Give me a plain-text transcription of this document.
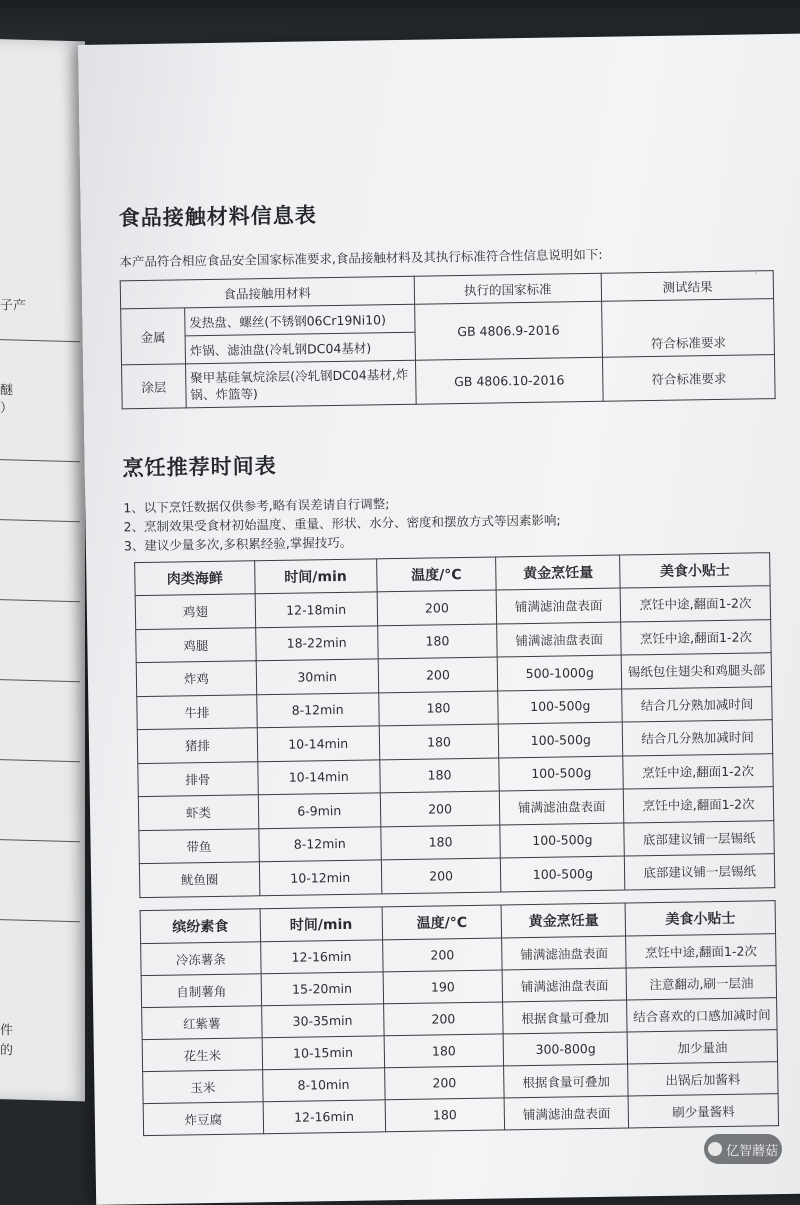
子产
醚
）
件
的
·
食品接触材料信息表

本产品符合相应食品安全国家标准要求,食品接触材料及其执行标准符合性信息说明如下:

食品接触用材料		执行的国家标准	测试结果
金属	发热盘、螺丝(不锈钢06Cr19Ni10)	GB 4806.9-2016	符合标准要求
	炸锅、滤油盘(冷轧钢DC04基材)		
涂层	聚甲基硅氧烷涂层(冷轧钢DC04基材,炸锅、炸篮等)	GB 4806.10-2016	符合标准要求
烹饪推荐时间表

1、以下烹饪数据仅供参考,略有误差请自行调整;

2、烹制效果受食材初始温度、重量、形状、水分、密度和摆放方式等因素影响;

3、建议少量多次,多积累经验,掌握技巧。

肉类海鲜	时间/min	温度/°C	黄金烹饪量	美食小贴士
鸡翅	12-18min	200	铺满滤油盘表面	烹饪中途,翻面1-2次
鸡腿	18-22min	180	铺满滤油盘表面	烹饪中途,翻面1-2次
炸鸡	30min	200	500-1000g	锡纸包住翅尖和鸡腿头部
牛排	8-12min	180	100-500g	结合几分熟加减时间
猪排	10-14min	180	100-500g	结合几分熟加减时间
排骨	10-14min	180	100-500g	烹饪中途,翻面1-2次
虾类	6-9min	200	铺满滤油盘表面	烹饪中途,翻面1-2次
带鱼	8-12min	180	100-500g	底部建议铺一层锡纸
鱿鱼圈	10-12min	200	100-500g	底部建议铺一层锡纸
缤纷素食	时间/min	温度/°C	黄金烹饪量	美食小贴士
冷冻薯条	12-16min	200	铺满滤油盘表面	烹饪中途,翻面1-2次
自制薯角	15-20min	190	铺满滤油盘表面	注意翻动,刷一层油
红紫薯	30-35min	200	根据食量可叠加	结合喜欢的口感加减时间
花生米	10-15min	180	300-800g	加少量油
玉米	8-10min	200	根据食量可叠加	出锅后加酱料
炸豆腐	12-16min	180	铺满滤油盘表面	刷少量酱料
亿智蘑菇
